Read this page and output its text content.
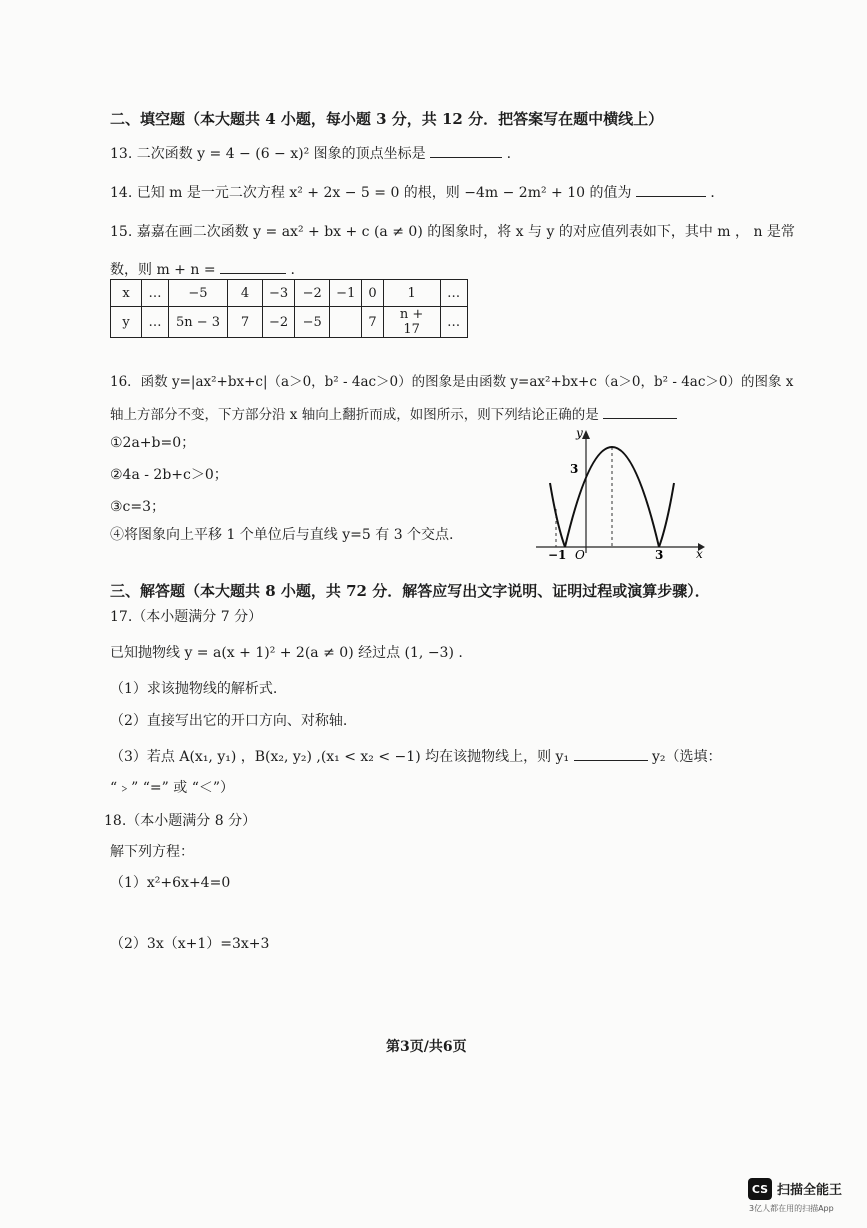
二、填空题（本大题共 4 小题，每小题 3 分，共 12 分．把答案写在题中横线上）
13. 二次函数 y = 4 − (6 − x)² 图象的顶点坐标是	.
14. 已知 m 是一元二次方程 x² + 2x − 5 = 0 的根，则 −4m − 2m² + 10 的值为	．
15. 嘉嘉在画二次函数 y = ax² + bx + c (a ≠ 0) 的图象时，将 x 与 y 的对应值列表如下，其中 m ， n 是常
数，则 m + n =	.
x	…	−5	4	−3	−2	−1	0	1	…
y	…	5n − 3	7	−2	−5		7	n + 17	…
16．函数 y=|ax²+bx+c|（a＞0，b² - 4ac＞0）的图象是由函数 y=ax²+bx+c（a＞0，b² - 4ac＞0）的图象 x
轴上方部分不变，下方部分沿 x 轴向上翻折而成，如图所示，则下列结论正确的是
①2a+b=0；
②4a - 2b+c＞0；
③c=3；
④将图象向上平移 1 个单位后与直线 y=5 有 3 个交点.
y
x
3
−1 O	3
三、解答题（本大题共 8 小题，共 72 分．解答应写出文字说明、证明过程或演算步骤）．
17.（本小题满分 7 分）
已知抛物线 y = a(x + 1)² + 2(a ≠ 0) 经过点 (1, −3) .
（1）求该抛物线的解析式.
（2）直接写出它的开口方向、对称轴.
（3）若点 A(x₁, y₁) ，B(x₂, y₂) ,(x₁ < x₂ < −1) 均在该抛物线上，则 y₁	y₂（选填：
“﹥” “=” 或 “＜”）
18.（本小题满分 8 分）
解下列方程：
（1）x²+6x+4=0
（2）3x（x+1）=3x+3
第3页/共6页
CS 扫描全能王
3亿人都在用的扫描App
